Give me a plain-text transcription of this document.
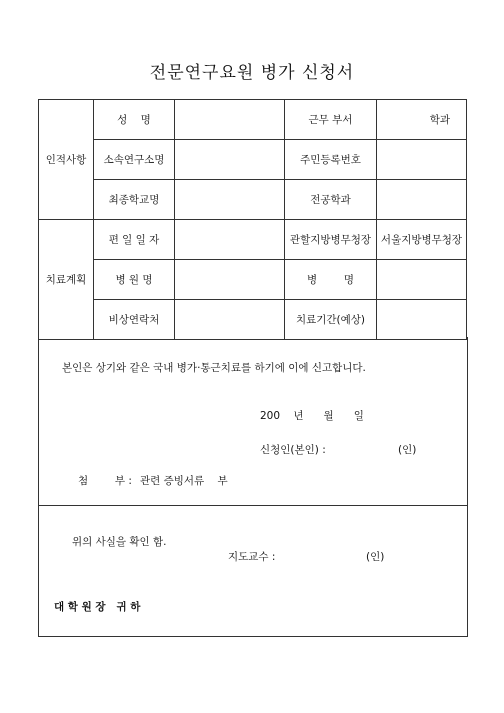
전문연구요원 병가 신청서
인적사항	성    명		근무 부서	학과
	소속연구소명		주민등록번호	
	최종학교명		전공학과	
치료계획	편 일 일 자		관할지방병무청장	서울지방병무청장
	병 원 명		병        명	
	비상연락처		치료기간(예상)	
본인은 상기와 같은 국내 병가·통근치료를 하기에 이에 신고합니다.
200    년      월      일
신청인(본인) :	(인)
첨        부 : 관련 증빙서류    부
위의 사실을 확인 함.
지도교수 :	(인)
대 학 원 장   귀 하
